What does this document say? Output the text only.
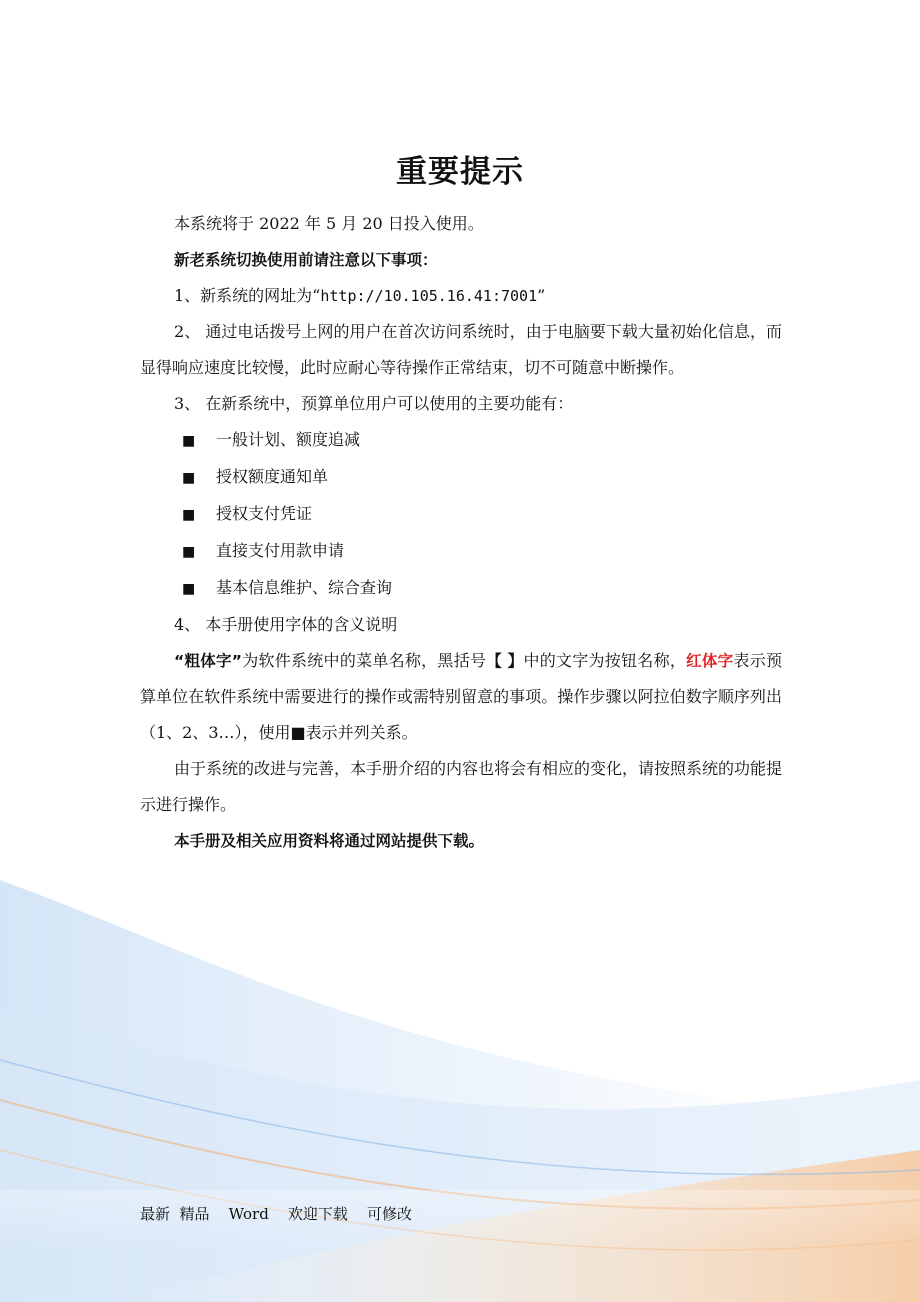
重要提示

本系统将于 2022 年 5 月 20 日投入使用。

新老系统切换使用前请注意以下事项：

1、新系统的网址为“http://10.105.16.41:7001”

2、 通过电话拨号上网的用户在首次访问系统时，由于电脑要下载大量初始化信息，而显得响应速度比较慢，此时应耐心等待操作正常结束，切不可随意中断操作。

3、 在新系统中，预算单位用户可以使用的主要功能有：

■ 一般计划、额度追减

■ 授权额度通知单

■ 授权支付凭证

■ 直接支付用款申请

■ 基本信息维护、综合查询

4、 本手册使用字体的含义说明

“粗体字”为软件系统中的菜单名称，黑括号【 】中的文字为按钮名称，红体字表示预算单位在软件系统中需要进行的操作或需特别留意的事项。操作步骤以阿拉伯数字顺序列出（1、2、3…），使用■表示并列关系。

由于系统的改进与完善，本手册介绍的内容也将会有相应的变化，请按照系统的功能提示进行操作。

本手册及相关应用资料将通过网站提供下载。

最新  精品    Word    欢迎下载    可修改
